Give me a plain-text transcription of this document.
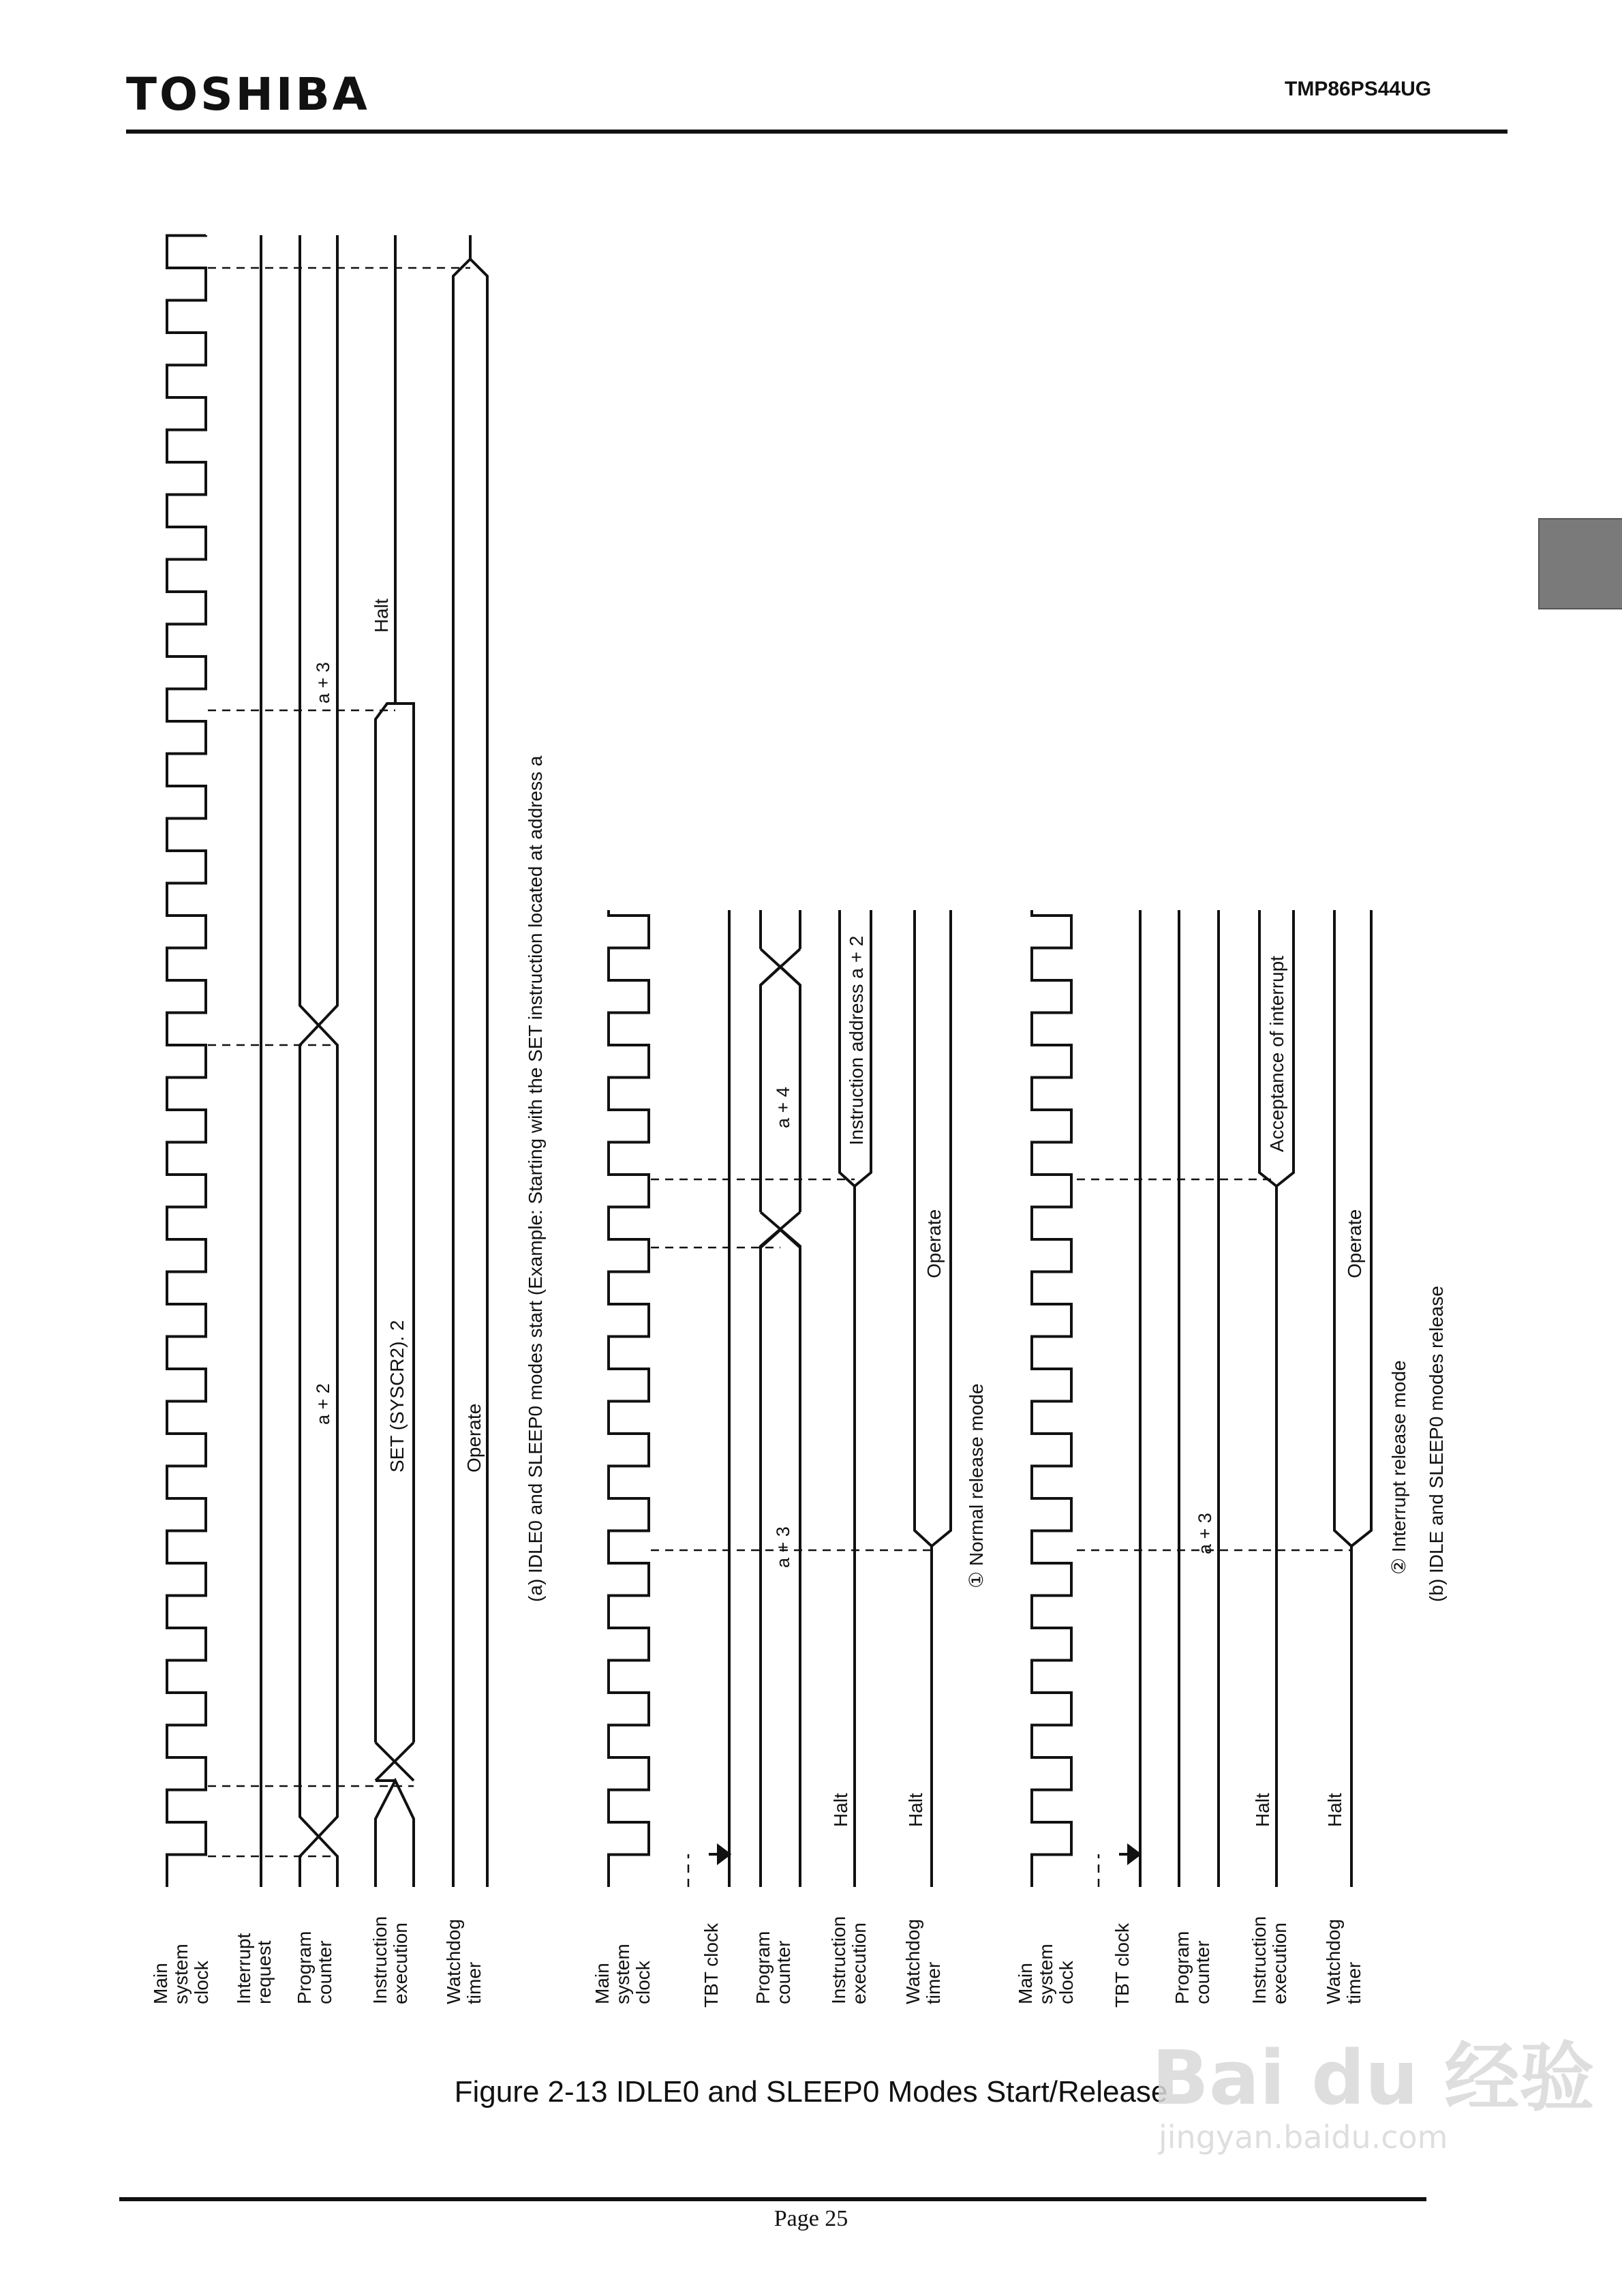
TOSHIBA	TMP86PS44UG
Main system clock Interrupt request Program counter Instruction execution Watchdog timer
a + 2
a + 3
SET (SYSCR2). 2
Halt
Operate (a) IDLE0 and SLEEP0 modes start (Example: Starting with the SET instruction located at address a
Main system clock TBT clock Program counter Instruction execution Watchdog timer
a + 3
a + 4
Halt
Instruction address a + 2
Halt
Operate
① Normal release mode
Main system clock TBT clock Program counter Instruction execution Watchdog timer
a + 3
Halt
Acceptance of interrupt
Halt
Operate
② Interrupt release mode (b) IDLE and SLEEP0 modes release
Figure 2-13 IDLE0 and SLEEP0 Modes Start/Release
Page 25
Bai du 经验
jingyan.baidu.com
